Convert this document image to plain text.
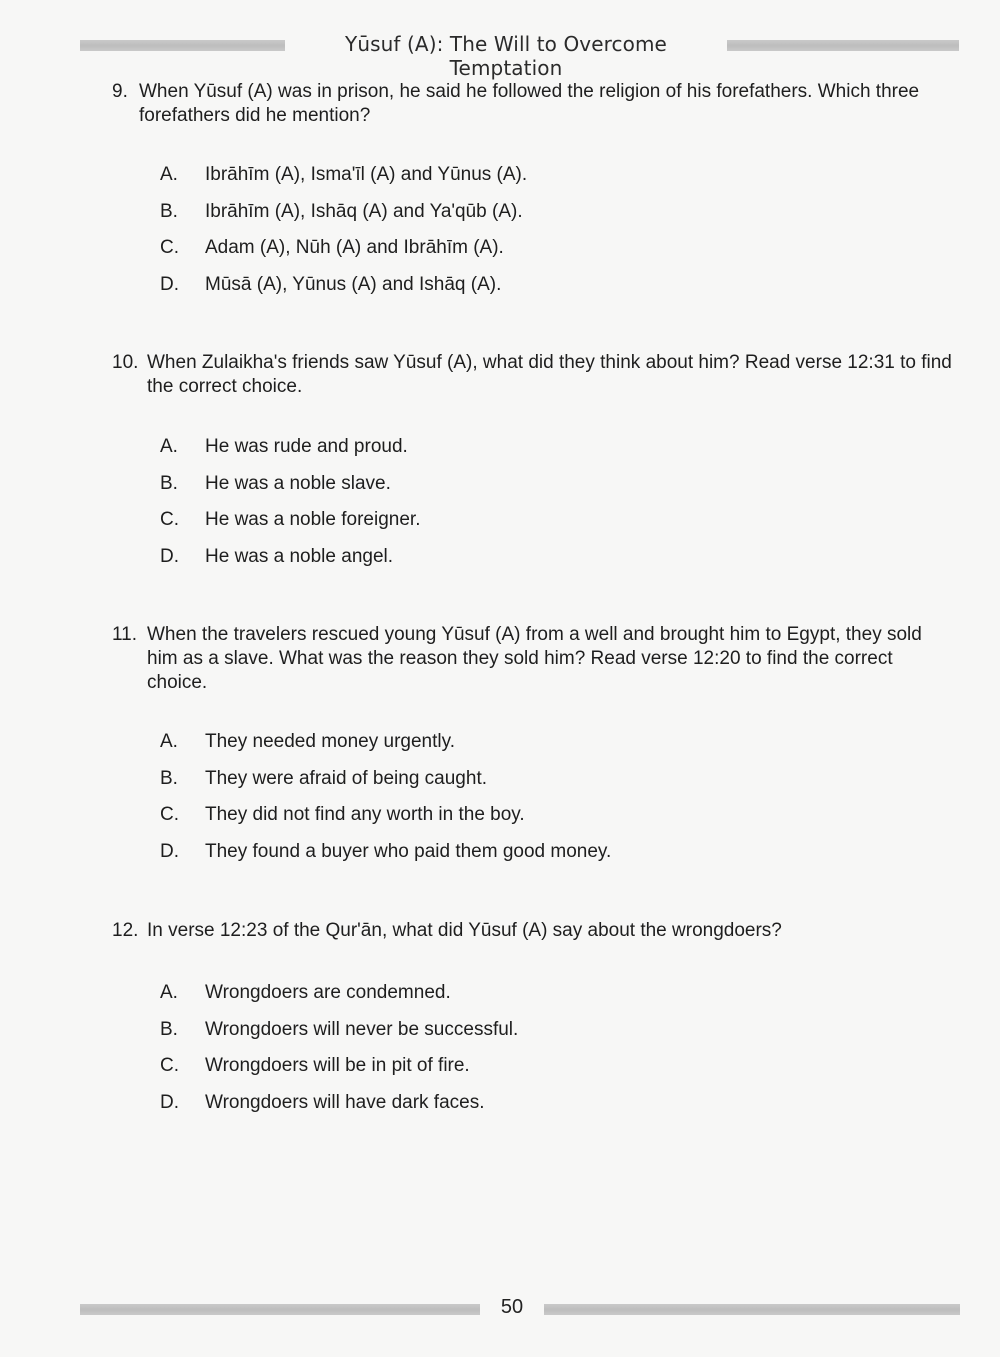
Yūsuf (A): The Will to Overcome Temptation
9. When Yūsuf (A) was in prison, he said he followed the religion of his forefathers. Which three forefathers did he mention?
A. Ibrāhīm (A), Isma'īl (A) and Yūnus (A).
B. Ibrāhīm (A), Ishāq (A) and Ya'qūb (A).
C. Adam (A), Nūh (A) and Ibrāhīm (A).
D. Mūsā (A), Yūnus (A) and Ishāq (A).
10. When Zulaikha's friends saw Yūsuf (A), what did they think about him? Read verse 12:31 to find the correct choice.
A. He was rude and proud.
B. He was a noble slave.
C. He was a noble foreigner.
D. He was a noble angel.
11. When the travelers rescued young Yūsuf (A) from a well and brought him to Egypt, they sold him as a slave. What was the reason they sold him? Read verse 12:20 to find the correct choice.
A. They needed money urgently.
B. They were afraid of being caught.
C. They did not find any worth in the boy.
D. They found a buyer who paid them good money.
12. In verse 12:23 of the Qur'ān, what did Yūsuf (A) say about the wrongdoers?
A. Wrongdoers are condemned.
B. Wrongdoers will never be successful.
C. Wrongdoers will be in pit of fire.
D. Wrongdoers will have dark faces.
50
